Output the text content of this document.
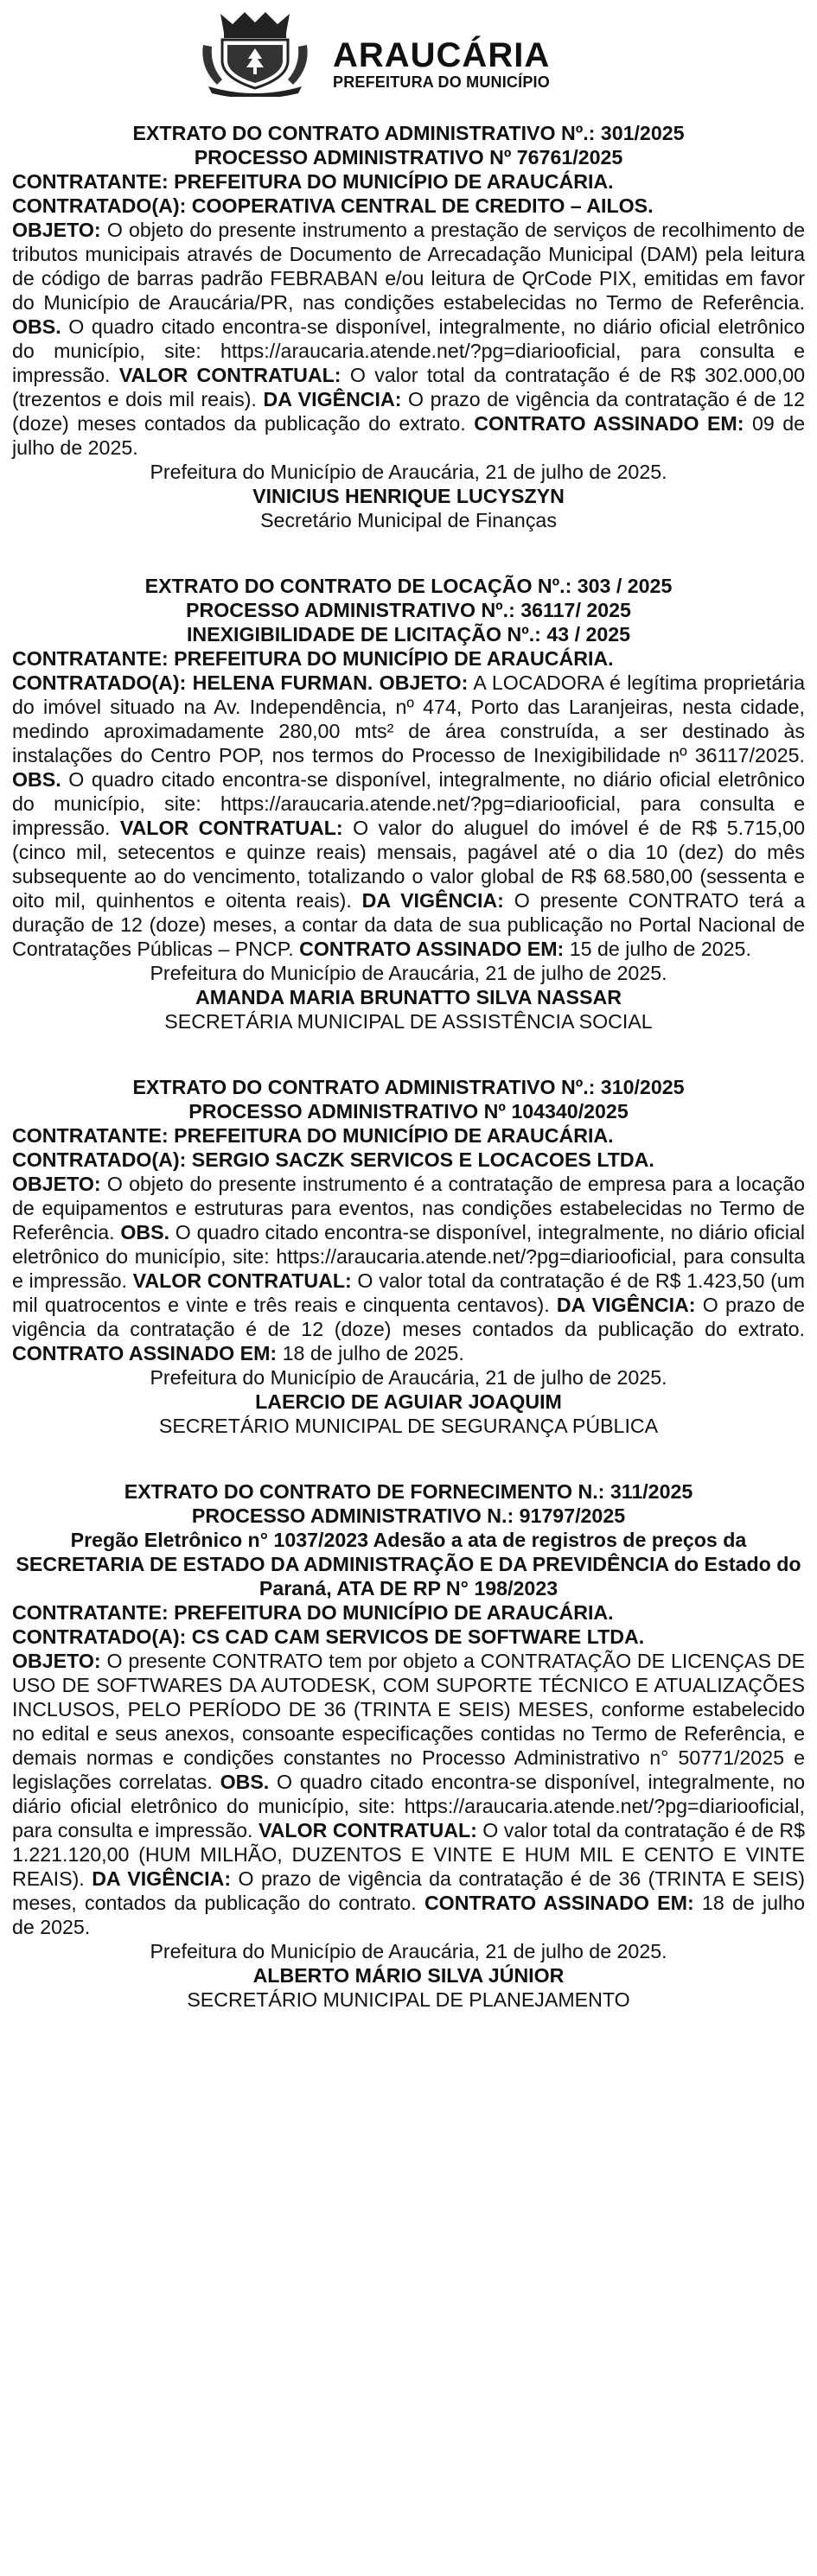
ARAUCÁRIA
PREFEITURA DO MUNICÍPIO
EXTRATO DO CONTRATO ADMINISTRATIVO Nº.: 301/2025
PROCESSO ADMINISTRATIVO Nº 76761/2025
CONTRATANTE: PREFEITURA DO MUNICÍPIO DE ARAUCÁRIA.
CONTRATADO(A): COOPERATIVA CENTRAL DE CREDITO – AILOS.
OBJETO: O objeto do presente instrumento a prestação de serviços de recolhimento de tributos municipais através de Documento de Arrecadação Municipal (DAM) pela leitura de código de barras padrão FEBRABAN e/ou leitura de QrCode PIX, emitidas em favor do Município de Araucária/PR, nas condições estabelecidas no Termo de Referência. OBS. O quadro citado encontra-se disponível, integralmente, no diário oficial eletrônico do município, site: https://araucaria.atende.net/?pg=diariooficial, para consulta e impressão. VALOR CONTRATUAL: O valor total da contratação é de R$ 302.000,00 (trezentos e dois mil reais). DA VIGÊNCIA: O prazo de vigência da contratação é de 12 (doze) meses contados da publicação do extrato. CONTRATO ASSINADO EM: 09 de julho de 2025.
Prefeitura do Município de Araucária, 21 de julho de 2025.
VINICIUS HENRIQUE LUCYSZYN
Secretário Municipal de Finanças
EXTRATO DO CONTRATO DE LOCAÇÃO Nº.: 303 / 2025
PROCESSO ADMINISTRATIVO Nº.: 36117/ 2025
INEXIGIBILIDADE DE LICITAÇÃO Nº.: 43 / 2025
CONTRATANTE: PREFEITURA DO MUNICÍPIO DE ARAUCÁRIA.
CONTRATADO(A): HELENA FURMAN. OBJETO: A LOCADORA é legítima proprietária do imóvel situado na Av. Independência, nº 474, Porto das Laranjeiras, nesta cidade, medindo aproximadamente 280,00 mts² de área construída, a ser destinado às instalações do Centro POP, nos termos do Processo de Inexigibilidade nº 36117/2025. OBS. O quadro citado encontra-se disponível, integralmente, no diário oficial eletrônico do município, site: https://araucaria.atende.net/?pg=diariooficial, para consulta e impressão. VALOR CONTRATUAL: O valor do aluguel do imóvel é de R$ 5.715,00 (cinco mil, setecentos e quinze reais) mensais, pagável até o dia 10 (dez) do mês subsequente ao do vencimento, totalizando o valor global de R$ 68.580,00 (sessenta e oito mil, quinhentos e oitenta reais). DA VIGÊNCIA: O presente CONTRATO terá a duração de 12 (doze) meses, a contar da data de sua publicação no Portal Nacional de Contratações Públicas – PNCP. CONTRATO ASSINADO EM: 15 de julho de 2025.
Prefeitura do Município de Araucária, 21 de julho de 2025.
AMANDA MARIA BRUNATTO SILVA NASSAR
SECRETÁRIA MUNICIPAL DE ASSISTÊNCIA SOCIAL
EXTRATO DO CONTRATO ADMINISTRATIVO Nº.: 310/2025
PROCESSO ADMINISTRATIVO Nº 104340/2025
CONTRATANTE: PREFEITURA DO MUNICÍPIO DE ARAUCÁRIA.
CONTRATADO(A): SERGIO SACZK SERVICOS E LOCACOES LTDA.
OBJETO: O objeto do presente instrumento é a contratação de empresa para a locação de equipamentos e estruturas para eventos, nas condições estabelecidas no Termo de Referência. OBS. O quadro citado encontra-se disponível, integralmente, no diário oficial eletrônico do município, site: https://araucaria.atende.net/?pg=diariooficial, para consulta e impressão. VALOR CONTRATUAL: O valor total da contratação é de R$ 1.423,50 (um mil quatrocentos e vinte e três reais e cinquenta centavos). DA VIGÊNCIA: O prazo de vigência da contratação é de 12 (doze) meses contados da publicação do extrato. CONTRATO ASSINADO EM: 18 de julho de 2025.
Prefeitura do Município de Araucária, 21 de julho de 2025.
LAERCIO DE AGUIAR JOAQUIM
SECRETÁRIO MUNICIPAL DE SEGURANÇA PÚBLICA
EXTRATO DO CONTRATO DE FORNECIMENTO N.: 311/2025
PROCESSO ADMINISTRATIVO N.: 91797/2025
Pregão Eletrônico n° 1037/2023 Adesão a ata de registros de preços da SECRETARIA DE ESTADO DA ADMINISTRAÇÃO E DA PREVIDÊNCIA do Estado do Paraná, ATA DE RP N° 198/2023
CONTRATANTE: PREFEITURA DO MUNICÍPIO DE ARAUCÁRIA.
CONTRATADO(A): CS CAD CAM SERVICOS DE SOFTWARE LTDA.
OBJETO: O presente CONTRATO tem por objeto a CONTRATAÇÃO DE LICENÇAS DE USO DE SOFTWARES DA AUTODESK, COM SUPORTE TÉCNICO E ATUALIZAÇÕES INCLUSOS, PELO PERÍODO DE 36 (TRINTA E SEIS) MESES, conforme estabelecido no edital e seus anexos, consoante especificações contidas no Termo de Referência, e demais normas e condições constantes no Processo Administrativo n° 50771/2025 e legislações correlatas. OBS. O quadro citado encontra-se disponível, integralmente, no diário oficial eletrônico do município, site: https://araucaria.atende.net/?pg=diariooficial, para consulta e impressão. VALOR CONTRATUAL: O valor total da contratação é de R$ 1.221.120,00 (HUM MILHÃO, DUZENTOS E VINTE E HUM MIL E CENTO E VINTE REAIS). DA VIGÊNCIA: O prazo de vigência da contratação é de 36 (TRINTA E SEIS) meses, contados da publicação do contrato. CONTRATO ASSINADO EM: 18 de julho de 2025.
Prefeitura do Município de Araucária, 21 de julho de 2025.
ALBERTO MÁRIO SILVA JÚNIOR
SECRETÁRIO MUNICIPAL DE PLANEJAMENTO
